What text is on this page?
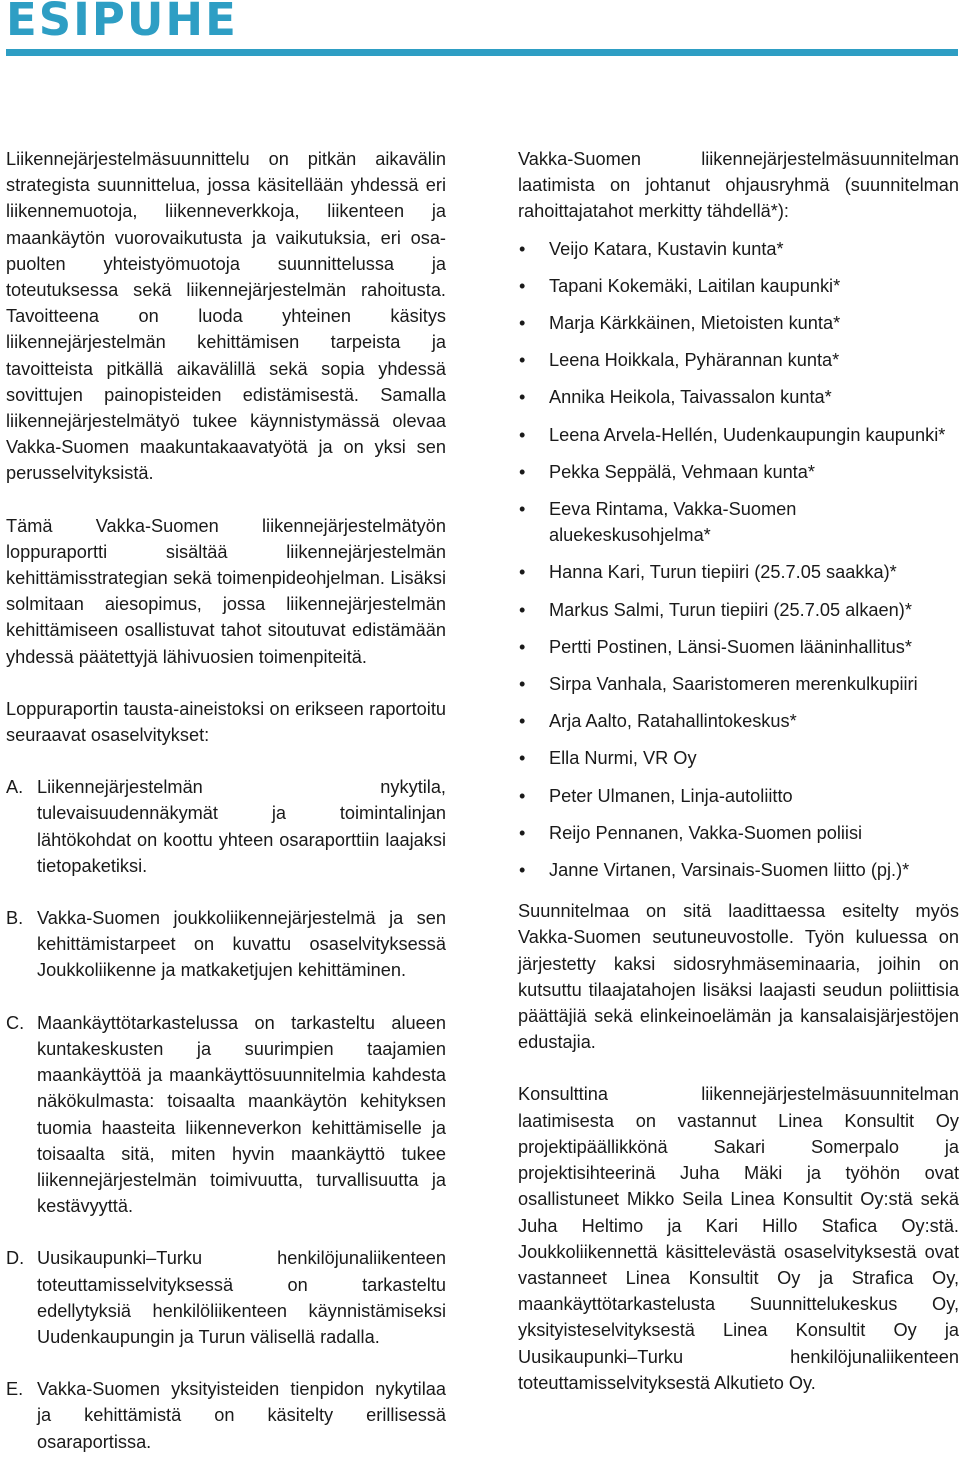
ESIPUHE

Liikennejärjestelmäsuunnittelu on pitkän aikavälin strategista suunnittelua, jossa käsitellään yhdessä eri liikennemuotoja, liikenneverkkoja, liikenteen ja maankäytön vuorovaikutusta ja vaikutuksia, eri osa-puolten yhteistyömuotoja suunnittelussa ja toteutuksessa sekä liikennejärjestelmän rahoitusta. Tavoitteena on luoda yhteinen käsitys liikennejärjestelmän kehittämisen tarpeista ja tavoitteista pitkällä aikavälillä sekä sopia yhdessä sovittujen painopisteiden edistämisestä. Samalla liikennejärjestelmätyö tukee käynnistymässä olevaa Vakka-Suomen maakuntakaavatyötä ja on yksi sen perusselvityksistä.

Tämä Vakka-Suomen liikennejärjestelmätyön loppuraportti sisältää liikennejärjestelmän kehittämisstrategian sekä toimenpideohjelman. Lisäksi solmitaan aiesopimus, jossa liikennejärjestelmän kehittämiseen osallistuvat tahot sitoutuvat edistämään yhdessä päätettyjä lähivuosien toimenpiteitä.

Loppuraportin tausta-aineistoksi on erikseen raportoitu seuraavat osaselvitykset:

A. Liikennejärjestelmän nykytila, tulevaisuudennäkymät ja toimintalinjan lähtökohdat on koottu yhteen osaraporttiin laajaksi tietopaketiksi.

B. Vakka-Suomen joukkoliikennejärjestelmä ja sen kehittämistarpeet on kuvattu osaselvityksessä Joukkoliikenne ja matkaketjujen kehittäminen.

C. Maankäyttötarkastelussa on tarkasteltu alueen kuntakeskusten ja suurimpien taajamien maankäyttöä ja maankäyttösuunnitelmia kahdesta näkökulmasta: toisaalta maankäytön kehityksen tuomia haasteita liikenneverkon kehittämiselle ja toisaalta sitä, miten hyvin maankäyttö tukee liikennejärjestelmän toimivuutta, turvallisuutta ja kestävyyttä.

D. Uusikaupunki–Turku henkilöjunaliikenteen toteuttamisselvityksessä on tarkasteltu edellytyksiä henkilöliikenteen käynnistämiseksi Uudenkaupungin ja Turun välisellä radalla.

E. Vakka-Suomen yksityisteiden tienpidon nykytilaa ja kehittämistä on käsitelty erillisessä osaraportissa.

Vakka-Suomen liikennejärjestelmäsuunnitelman laatimista on johtanut ohjausryhmä (suunnitelman rahoittajatahot merkitty tähdellä*):

• Veijo Katara, Kustavin kunta*
• Tapani Kokemäki, Laitilan kaupunki*
• Marja Kärkkäinen, Mietoisten kunta*
• Leena Hoikkala, Pyhärannan kunta*
• Annika Heikola, Taivassalon kunta*
• Leena Arvela-Hellén, Uudenkaupungin kaupunki*
• Pekka Seppälä, Vehmaan kunta*
• Eeva Rintama, Vakka-Suomen aluekeskusohjelma*
• Hanna Kari, Turun tiepiiri (25.7.05 saakka)*
• Markus Salmi, Turun tiepiiri (25.7.05 alkaen)*
• Pertti Postinen, Länsi-Suomen lääninhallitus*
• Sirpa Vanhala, Saaristomeren merenkulkupiiri
• Arja Aalto, Ratahallintokeskus*
• Ella Nurmi, VR Oy
• Peter Ulmanen, Linja-autoliitto
• Reijo Pennanen, Vakka-Suomen poliisi
• Janne Virtanen, Varsinais-Suomen liitto (pj.)*

Suunnitelmaa on sitä laadittaessa esitelty myös Vakka-Suomen seutuneuvostolle. Työn kuluessa on järjestetty kaksi sidosryhmäseminaaria, joihin on kutsuttu tilaajatahojen lisäksi laajasti seudun poliittisia päättäjiä sekä elinkeinoelämän ja kansalaisjärjestöjen edustajia.

Konsulttina liikennejärjestelmäsuunnitelman laatimisesta on vastannut Linea Konsultit Oy projektipäällikkönä Sakari Somerpalo ja projektisihteerinä Juha Mäki ja työhön ovat osallistuneet Mikko Seila Linea Konsultit Oy:stä sekä Juha Heltimo ja Kari Hillo Stafica Oy:stä. Joukkoliikennettä käsittelevästä osaselvityksestä ovat vastanneet Linea Konsultit Oy ja Strafica Oy, maankäyttötarkastelusta Suunnittelukeskus Oy, yksityisteselvityksestä Linea Konsultit Oy ja Uusikaupunki–Turku henkilöjunaliikenteen toteuttamisselvityksestä Alkutieto Oy.
